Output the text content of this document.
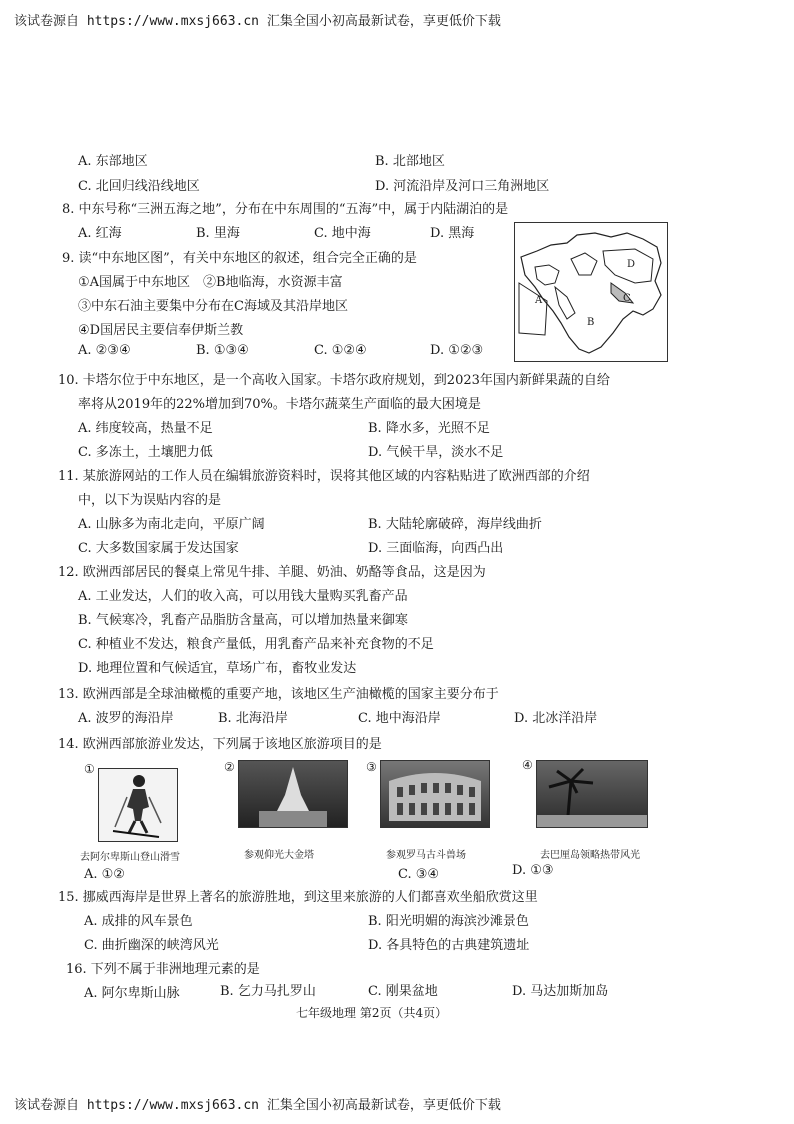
该试卷源自 https://www.mxsj663.cn 汇集全国小初高最新试卷，享更低价下载
A. 东部地区	B. 北部地区
C. 北回归线沿线地区	D. 河流沿岸及河口三角洲地区
8. 中东号称“三洲五海之地”，分布在中东周围的“五海”中，属于内陆湖泊的是
A. 红海	B. 里海	C. 地中海	D. 黑海
9. 读“中东地区图”，有关中东地区的叙述，组合完全正确的是
①A国属于中东地区　②B地临海，水资源丰富
③中东石油主要集中分布在C海域及其沿岸地区
④D国居民主要信奉伊斯兰教
A. ②③④	B. ①③④	C. ①②④	D. ①②③
A
B
C
D
10. 卡塔尔位于中东地区，是一个高收入国家。卡塔尔政府规划，到2023年国内新鲜果蔬的自给
率将从2019年的22%增加到70%。卡塔尔蔬菜生产面临的最大困境是
A. 纬度较高，热量不足	B. 降水多，光照不足
C. 多冻土，土壤肥力低	D. 气候干旱，淡水不足
11. 某旅游网站的工作人员在编辑旅游资料时，误将其他区域的内容粘贴进了欧洲西部的介绍
中，以下为误贴内容的是
A. 山脉多为南北走向，平原广阔	B. 大陆轮廓破碎，海岸线曲折
C. 大多数国家属于发达国家	D. 三面临海，向西凸出
12. 欧洲西部居民的餐桌上常见牛排、羊腿、奶油、奶酪等食品，这是因为
A. 工业发达，人们的收入高，可以用钱大量购买乳畜产品
B. 气候寒冷，乳畜产品脂肪含量高，可以增加热量来御寒
C. 种植业不发达，粮食产量低，用乳畜产品来补充食物的不足
D. 地理位置和气候适宜，草场广布，畜牧业发达
13. 欧洲西部是全球油橄榄的重要产地，该地区生产油橄榄的国家主要分布于
A. 波罗的海沿岸	B. 北海沿岸	C. 地中海沿岸	D. 北冰洋沿岸
14. 欧洲西部旅游业发达，下列属于该地区旅游项目的是
①
去阿尔卑斯山登山滑雪
②
参观仰光大金塔
③
参观罗马古斗兽场
④
去巴厘岛领略热带风光
A. ①②	C. ③④	D. ①③
15. 挪威西海岸是世界上著名的旅游胜地，到这里来旅游的人们都喜欢坐船欣赏这里
A. 成排的风车景色	B. 阳光明媚的海滨沙滩景色
C. 曲折幽深的峡湾风光	D. 各具特色的古典建筑遗址
16. 下列不属于非洲地理元素的是
A. 阿尔卑斯山脉	B. 乞力马扎罗山	C. 刚果盆地	D. 马达加斯加岛
七年级地理 第2页（共4页）
该试卷源自 https://www.mxsj663.cn 汇集全国小初高最新试卷，享更低价下载
